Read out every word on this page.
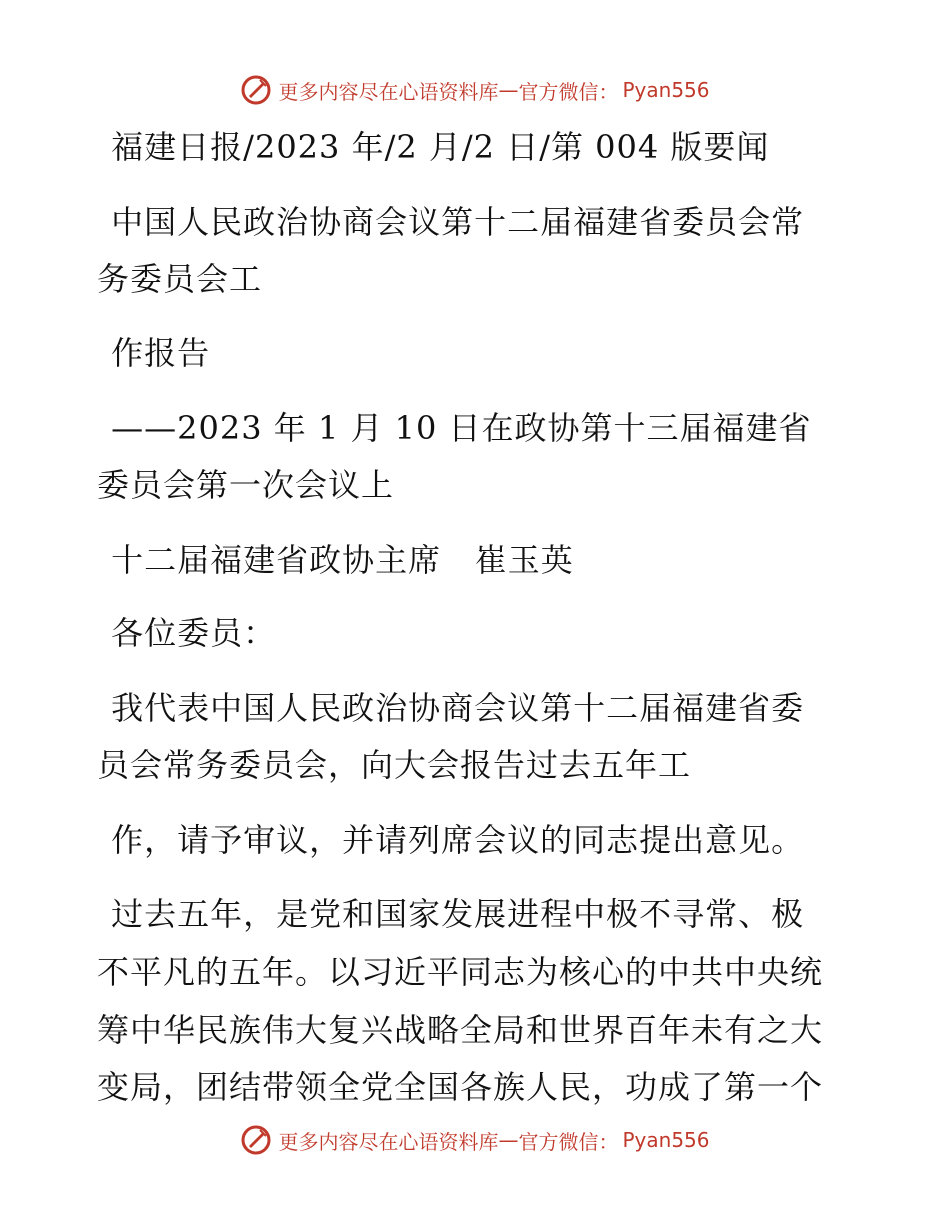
更多内容尽在心语资料库 — 官方微信： Pyan556

福建日报/2023 年/2 月/2 日/第 004 版要闻

中国人民政治协商会议第十二届福建省委员会常

务委员会工

作报告

——2023 年 1 月 10 日在政协第十三届福建省

委员会第一次会议上

十二届福建省政协主席   崔玉英

各位委员：

我代表中国人民政治协商会议第十二届福建省委

员会常务委员会，向大会报告过去五年工

作，请予审议，并请列席会议的同志提出意见。

过去五年，是党和国家发展进程中极不寻常、极

不平凡的五年。以习近平同志为核心的中共中央统

筹中华民族伟大复兴战略全局和世界百年未有之大

变局，团结带领全党全国各族人民，功成了第一个

更多内容尽在心语资料库 — 官方微信： Pyan556
